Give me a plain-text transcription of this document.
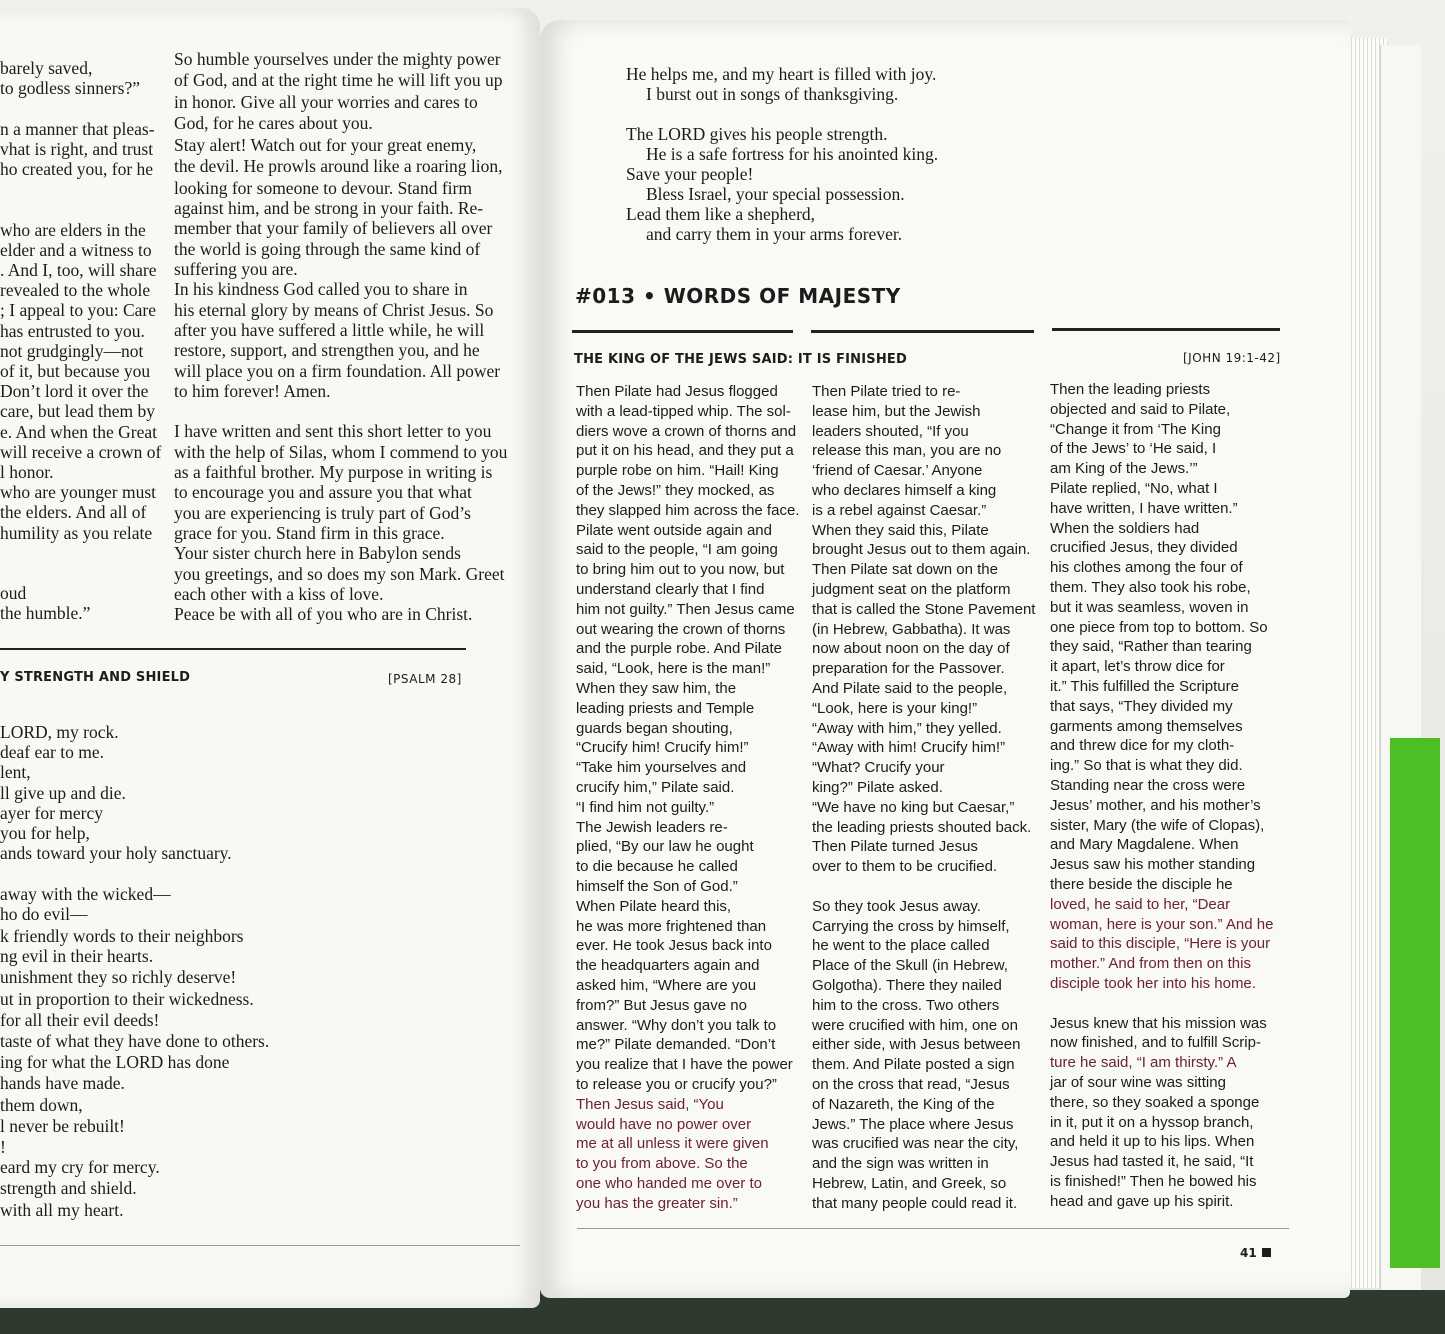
barely saved,
to godless sinners?”
n a manner that pleas-
vhat is right, and trust
ho created you, for he
who are elders in the
elder and a witness to
. And I, too, will share
revealed to the whole
; I appeal to you: Care
has entrusted to you.
not grudgingly—not
of it, but because you
Don’t lord it over the
care, but lead them by
e. And when the Great
will receive a crown of
l honor.
who are younger must
the elders. And all of
humility as you relate
oud
the humble.”
So humble yourselves under the mighty power
of God, and at the right time he will lift you up
in honor. Give all your worries and cares to
God, for he cares about you.
Stay alert! Watch out for your great enemy,
the devil. He prowls around like a roaring lion,
looking for someone to devour. Stand firm
against him, and be strong in your faith. Re-
member that your family of believers all over
the world is going through the same kind of
suffering you are.
In his kindness God called you to share in
his eternal glory by means of Christ Jesus. So
after you have suffered a little while, he will
restore, support, and strengthen you, and he
will place you on a firm foundation. All power
to him forever! Amen.
I have written and sent this short letter to you
with the help of Silas, whom I commend to you
as a faithful brother. My purpose in writing is
to encourage you and assure you that what
you are experiencing is truly part of God’s
grace for you. Stand firm in this grace.
Your sister church here in Babylon sends
you greetings, and so does my son Mark. Greet
each other with a kiss of love.
Peace be with all of you who are in Christ.
Y STRENGTH AND SHIELD	[PSALM 28]
LORD, my rock.
deaf ear to me.
lent,
ll give up and die.
ayer for mercy
you for help,
ands toward your holy sanctuary.
away with the wicked—
ho do evil—
k friendly words to their neighbors
ng evil in their hearts.
unishment they so richly deserve!
ut in proportion to their wickedness.
for all their evil deeds!
taste of what they have done to others.
ing for what the LORD has done
hands have made.
them down,
l never be rebuilt!
!
eard my cry for mercy.
strength and shield.
with all my heart.
He helps me, and my heart is filled with joy.
I burst out in songs of thanksgiving.
The LORD gives his people strength.
He is a safe fortress for his anointed king.
Save your people!
Bless Israel, your special possession.
Lead them like a shepherd,
and carry them in your arms forever.
#013 • WORDS OF MAJESTY
THE KING OF THE JEWS SAID: IT IS FINISHED	[JOHN 19:1-42]
Then Pilate had Jesus flogged
with a lead-tipped whip. The sol-
diers wove a crown of thorns and
put it on his head, and they put a
purple robe on him. “Hail! King
of the Jews!” they mocked, as
they slapped him across the face.
Pilate went outside again and
said to the people, “I am going
to bring him out to you now, but
understand clearly that I find
him not guilty.” Then Jesus came
out wearing the crown of thorns
and the purple robe. And Pilate
said, “Look, here is the man!”
When they saw him, the
leading priests and Temple
guards began shouting,
“Crucify him! Crucify him!”
“Take him yourselves and
crucify him,” Pilate said.
“I find him not guilty.”
The Jewish leaders re-
plied, “By our law he ought
to die because he called
himself the Son of God.”
When Pilate heard this,
he was more frightened than
ever. He took Jesus back into
the headquarters again and
asked him, “Where are you
from?” But Jesus gave no
answer. “Why don’t you talk to
me?” Pilate demanded. “Don’t
you realize that I have the power
to release you or crucify you?”
Then Jesus said, “You
would have no power over
me at all unless it were given
to you from above. So the
one who handed me over to
you has the greater sin.”
Then Pilate tried to re-
lease him, but the Jewish
leaders shouted, “If you
release this man, you are no
‘friend of Caesar.’ Anyone
who declares himself a king
is a rebel against Caesar.”
When they said this, Pilate
brought Jesus out to them again.
Then Pilate sat down on the
judgment seat on the platform
that is called the Stone Pavement
(in Hebrew, Gabbatha). It was
now about noon on the day of
preparation for the Passover.
And Pilate said to the people,
“Look, here is your king!”
“Away with him,” they yelled.
“Away with him! Crucify him!”
“What? Crucify your
king?” Pilate asked.
“We have no king but Caesar,”
the leading priests shouted back.
Then Pilate turned Jesus
over to them to be crucified.
So they took Jesus away.
Carrying the cross by himself,
he went to the place called
Place of the Skull (in Hebrew,
Golgotha). There they nailed
him to the cross. Two others
were crucified with him, one on
either side, with Jesus between
them. And Pilate posted a sign
on the cross that read, “Jesus
of Nazareth, the King of the
Jews.” The place where Jesus
was crucified was near the city,
and the sign was written in
Hebrew, Latin, and Greek, so
that many people could read it.
Then the leading priests
objected and said to Pilate,
“Change it from ‘The King
of the Jews’ to ‘He said, I
am King of the Jews.’”
Pilate replied, “No, what I
have written, I have written.”
When the soldiers had
crucified Jesus, they divided
his clothes among the four of
them. They also took his robe,
but it was seamless, woven in
one piece from top to bottom. So
they said, “Rather than tearing
it apart, let’s throw dice for
it.” This fulfilled the Scripture
that says, “They divided my
garments among themselves
and threw dice for my cloth-
ing.” So that is what they did.
Standing near the cross were
Jesus’ mother, and his mother’s
sister, Mary (the wife of Clopas),
and Mary Magdalene. When
Jesus saw his mother standing
there beside the disciple he
loved, he said to her, “Dear
woman, here is your son.” And he
said to this disciple, “Here is your
mother.” And from then on this
disciple took her into his home.
Jesus knew that his mission was
now finished, and to fulfill Scrip-
ture he said, “I am thirsty.” A
jar of sour wine was sitting
there, so they soaked a sponge
in it, put it on a hyssop branch,
and held it up to his lips. When
Jesus had tasted it, he said, “It
is finished!” Then he bowed his
head and gave up his spirit.
41
